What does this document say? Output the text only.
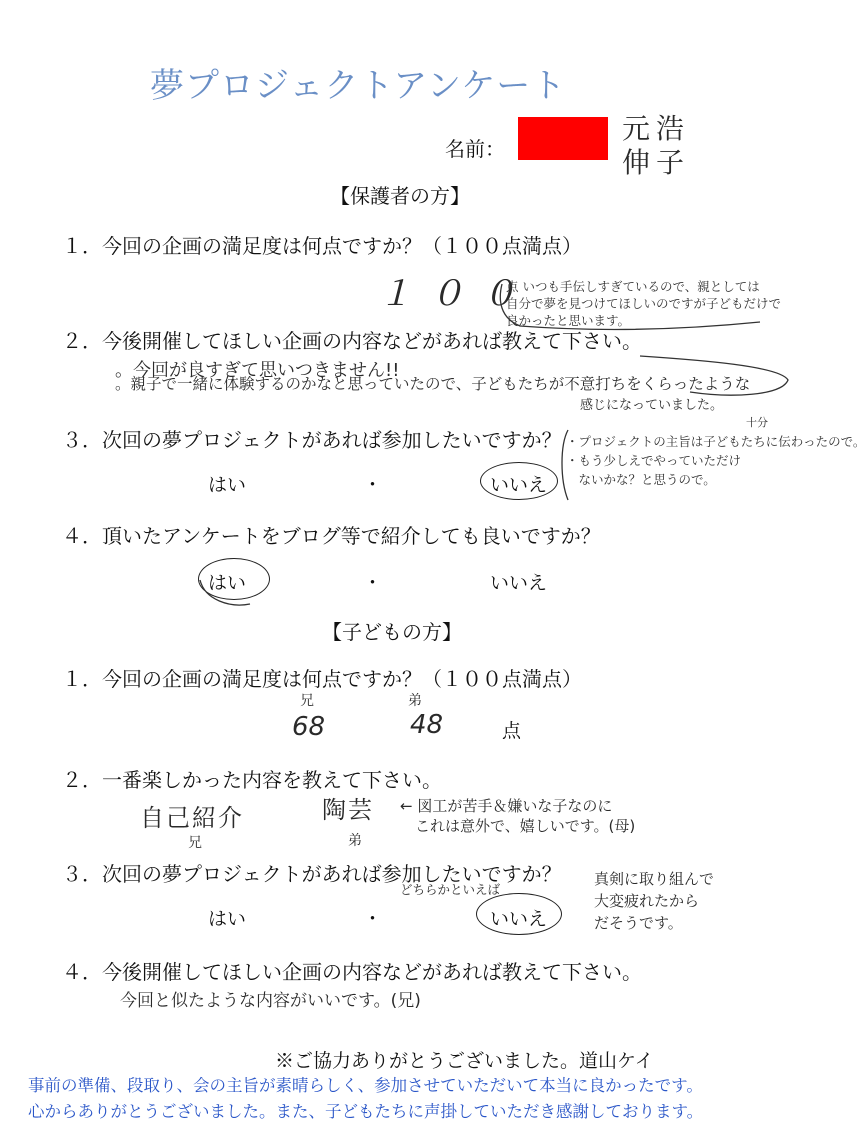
夢プロジェクトアンケート
名前：
元浩
伸子
【保護者の方】
１．今回の企画の満足度は何点ですか？（１００点満点）
１００
点 いつも手伝しすぎているので、親としては
自分で夢を見つけてほしいのですが子どもだけで
良かったと思います。
２．今後開催してほしい企画の内容などがあれば教えて下さい。
。今回が良すぎて思いつきません!!
。親子で一緒に体験するのかなと思っていたので、子どもたちが不意打ちをくらったような
感じになっていました。
３．次回の夢プロジェクトがあれば参加したいですか？
はい	・	いいえ
十分
・プロジェクトの主旨は子どもたちに伝わったので。
・もう少しえでやっていただけ
　ないかな？と思うので。
４．頂いたアンケートをブログ等で紹介しても良いですか？
はい	・	いいえ
【子どもの方】
１．今回の企画の満足度は何点ですか？（１００点満点）
兄	弟
68	48	点
２．一番楽しかった内容を教えて下さい。
自己紹介
兄
陶芸
弟
← 図工が苦手＆嫌いな子なのに
　これは意外で、嬉しいです。(母)
３．次回の夢プロジェクトがあれば参加したいですか？
どちらかといえば
はい	・	いいえ
真剣に取り組んで
大変疲れたから
だそうです。
４．今後開催してほしい企画の内容などがあれば教えて下さい。
今回と似たような内容がいいです。(兄)
※ご協力ありがとうございました。道山ケイ
事前の準備、段取り、会の主旨が素晴らしく、参加させていただいて本当に良かったです。
心からありがとうございました。また、子どもたちに声掛していただき感謝しております。
